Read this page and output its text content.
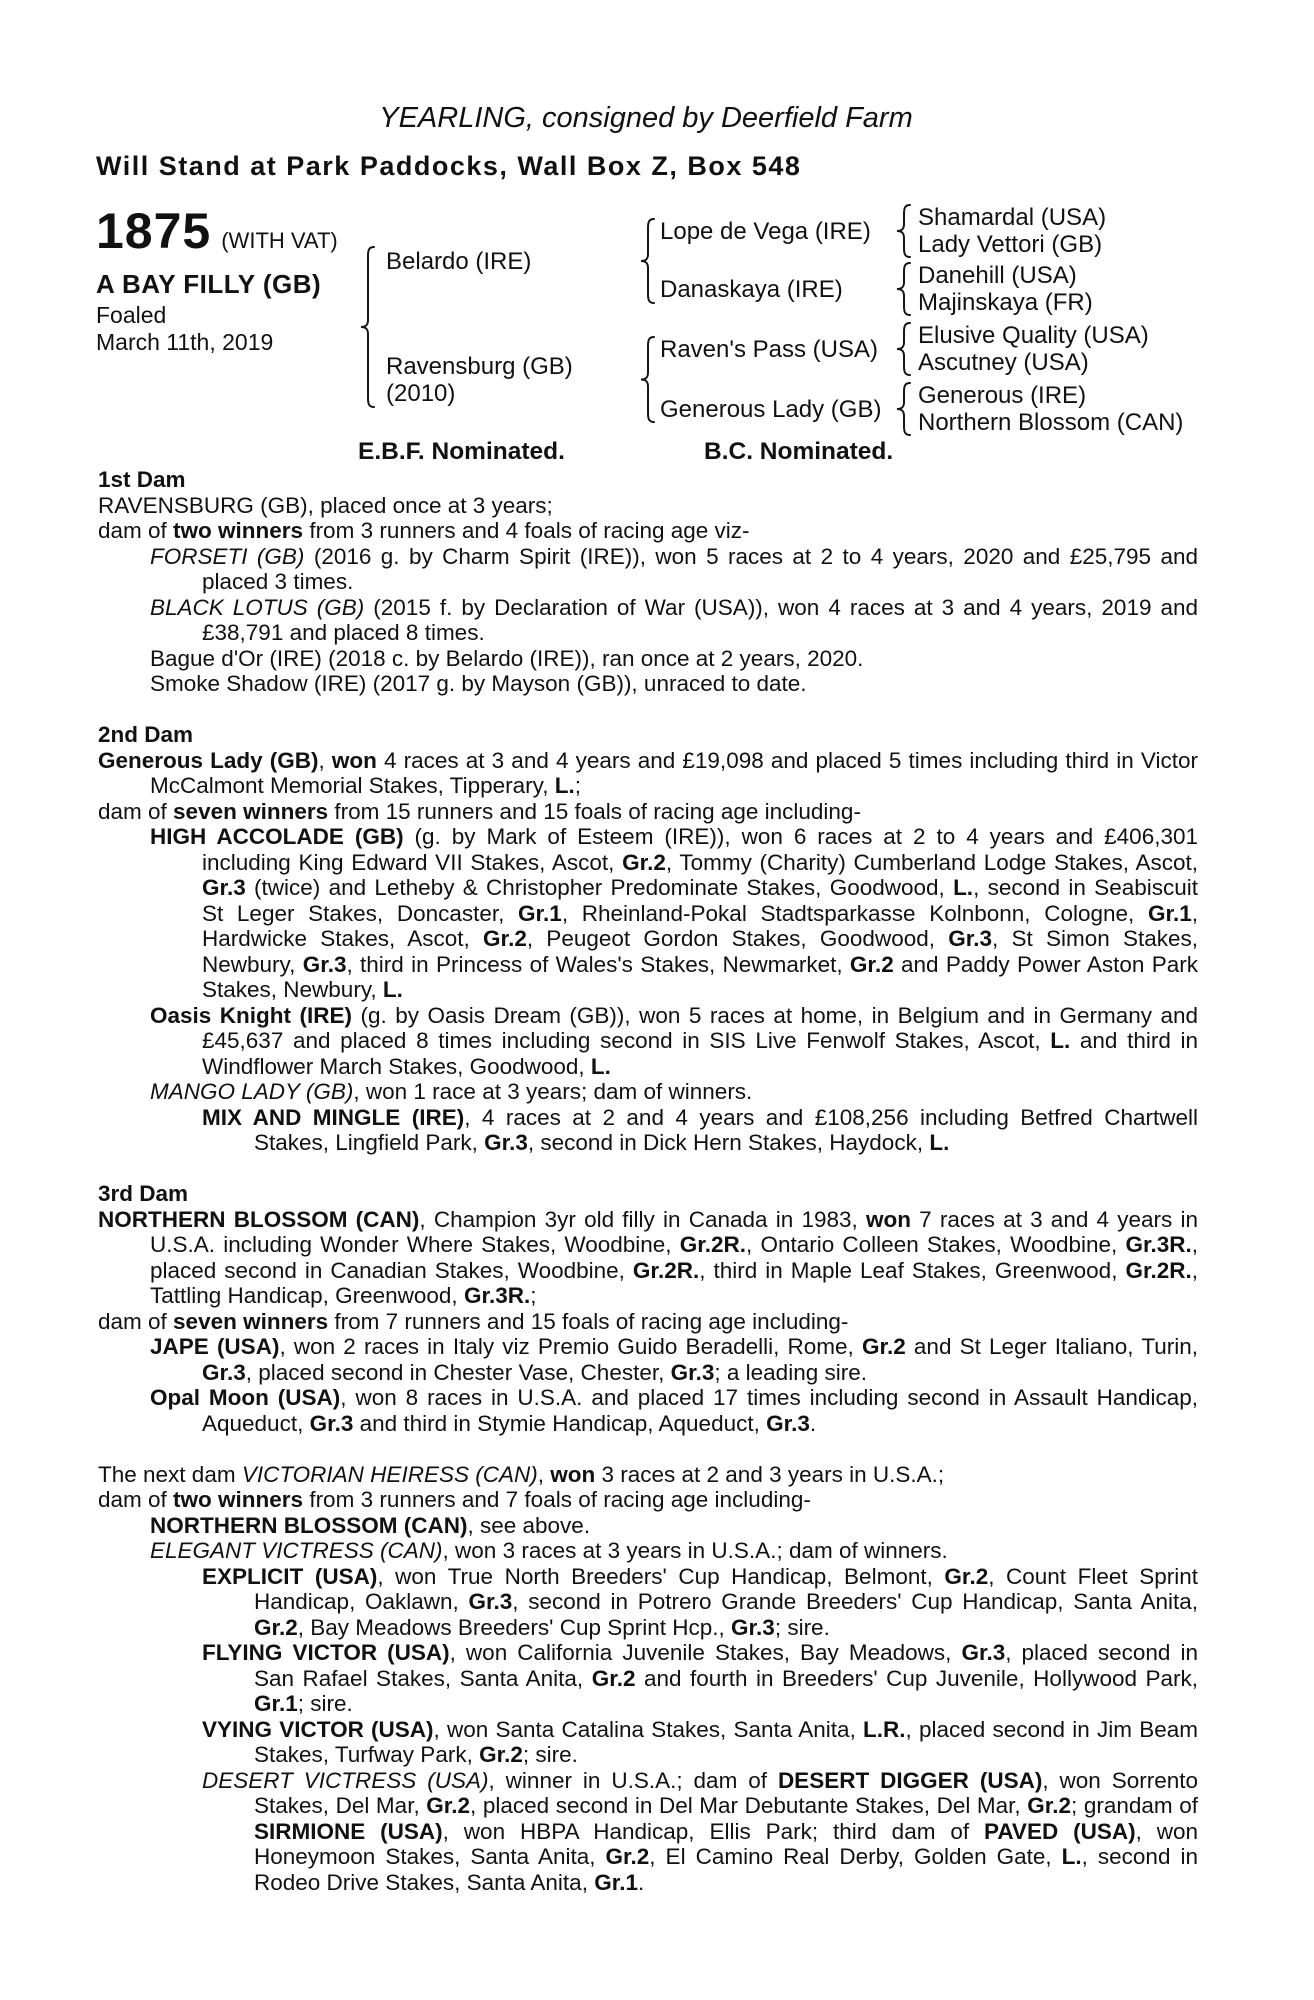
YEARLING, consigned by Deerfield Farm
Will Stand at Park Paddocks, Wall Box Z, Box 548
1875 (WITH VAT)
A BAY FILLY (GB)
Foaled
March 11th, 2019
Belardo (IRE)
Ravensburg (GB)
(2010)
Lope de Vega (IRE)
Danaskaya (IRE)
Raven's Pass (USA)
Generous Lady (GB)
Shamardal (USA)
Lady Vettori (GB)
Danehill (USA)
Majinskaya (FR)
Elusive Quality (USA)
Ascutney (USA)
Generous (IRE)
Northern Blossom (CAN)
E.B.F. Nominated.	B.C. Nominated.
1st Dam
RAVENSBURG (GB), placed once at 3 years;
dam of two winners from 3 runners and 4 foals of racing age viz-
FORSETI (GB) (2016 g. by Charm Spirit (IRE)), won 5 races at 2 to 4 years, 2020 and £25,795 and placed 3 times.
BLACK LOTUS (GB) (2015 f. by Declaration of War (USA)), won 4 races at 3 and 4 years, 2019 and £38,791 and placed 8 times.
Bague d'Or (IRE) (2018 c. by Belardo (IRE)), ran once at 2 years, 2020.
Smoke Shadow (IRE) (2017 g. by Mayson (GB)), unraced to date.
2nd Dam
Generous Lady (GB), won 4 races at 3 and 4 years and £19,098 and placed 5 times including third in Victor McCalmont Memorial Stakes, Tipperary, L.;
dam of seven winners from 15 runners and 15 foals of racing age including-
HIGH ACCOLADE (GB) (g. by Mark of Esteem (IRE)), won 6 races at 2 to 4 years and £406,301 including King Edward VII Stakes, Ascot, Gr.2, Tommy (Charity) Cumberland Lodge Stakes, Ascot, Gr.3 (twice) and Letheby & Christopher Predominate Stakes, Goodwood, L., second in Seabiscuit St Leger Stakes, Doncaster, Gr.1, Rheinland-Pokal Stadtsparkasse Kolnbonn, Cologne, Gr.1, Hardwicke Stakes, Ascot, Gr.2, Peugeot Gordon Stakes, Goodwood, Gr.3, St Simon Stakes, Newbury, Gr.3, third in Princess of Wales's Stakes, Newmarket, Gr.2 and Paddy Power Aston Park Stakes, Newbury, L.
Oasis Knight (IRE) (g. by Oasis Dream (GB)), won 5 races at home, in Belgium and in Germany and £45,637 and placed 8 times including second in SIS Live Fenwolf Stakes, Ascot, L. and third in Windflower March Stakes, Goodwood, L.
MANGO LADY (GB), won 1 race at 3 years; dam of winners.
MIX AND MINGLE (IRE), 4 races at 2 and 4 years and £108,256 including Betfred Chartwell Stakes, Lingfield Park, Gr.3, second in Dick Hern Stakes, Haydock, L.
3rd Dam
NORTHERN BLOSSOM (CAN), Champion 3yr old filly in Canada in 1983, won 7 races at 3 and 4 years in U.S.A. including Wonder Where Stakes, Woodbine, Gr.2R., Ontario Colleen Stakes, Woodbine, Gr.3R., placed second in Canadian Stakes, Woodbine, Gr.2R., third in Maple Leaf Stakes, Greenwood, Gr.2R., Tattling Handicap, Greenwood, Gr.3R.;
dam of seven winners from 7 runners and 15 foals of racing age including-
JAPE (USA), won 2 races in Italy viz Premio Guido Beradelli, Rome, Gr.2 and St Leger Italiano, Turin, Gr.3, placed second in Chester Vase, Chester, Gr.3; a leading sire.
Opal Moon (USA), won 8 races in U.S.A. and placed 17 times including second in Assault Handicap, Aqueduct, Gr.3 and third in Stymie Handicap, Aqueduct, Gr.3.
The next dam VICTORIAN HEIRESS (CAN), won 3 races at 2 and 3 years in U.S.A.;
dam of two winners from 3 runners and 7 foals of racing age including-
NORTHERN BLOSSOM (CAN), see above.
ELEGANT VICTRESS (CAN), won 3 races at 3 years in U.S.A.; dam of winners.
EXPLICIT (USA), won True North Breeders' Cup Handicap, Belmont, Gr.2, Count Fleet Sprint Handicap, Oaklawn, Gr.3, second in Potrero Grande Breeders' Cup Handicap, Santa Anita, Gr.2, Bay Meadows Breeders' Cup Sprint Hcp., Gr.3; sire.
FLYING VICTOR (USA), won California Juvenile Stakes, Bay Meadows, Gr.3, placed second in San Rafael Stakes, Santa Anita, Gr.2 and fourth in Breeders' Cup Juvenile, Hollywood Park, Gr.1; sire.
VYING VICTOR (USA), won Santa Catalina Stakes, Santa Anita, L.R., placed second in Jim Beam Stakes, Turfway Park, Gr.2; sire.
DESERT VICTRESS (USA), winner in U.S.A.; dam of DESERT DIGGER (USA), won Sorrento Stakes, Del Mar, Gr.2, placed second in Del Mar Debutante Stakes, Del Mar, Gr.2; grandam of SIRMIONE (USA), won HBPA Handicap, Ellis Park; third dam of PAVED (USA), won Honeymoon Stakes, Santa Anita, Gr.2, El Camino Real Derby, Golden Gate, L., second in Rodeo Drive Stakes, Santa Anita, Gr.1.
